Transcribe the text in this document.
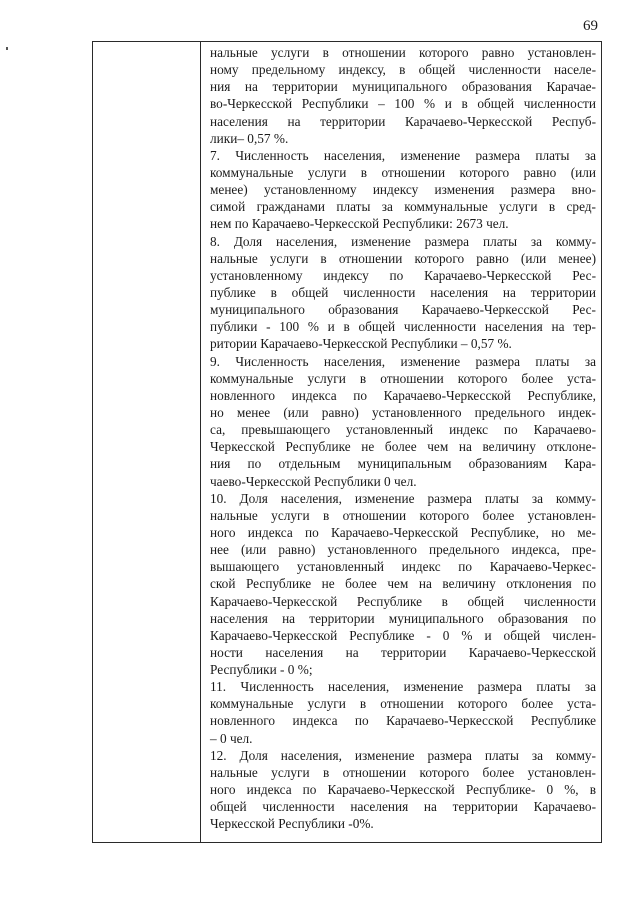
69
нальные услуги в отношении которого равно установлен-
ному предельному индексу, в общей численности населе-
ния на территории муниципального образования Карачае-
во-Черкесской Республики – 100 % и в общей численности
населения на территории Карачаево-Черкесской Респуб-
лики– 0,57 %.
7. Численность населения, изменение размера платы за
коммунальные услуги в отношении которого равно (или
менее) установленному индексу изменения размера вно-
симой гражданами платы за коммунальные услуги в сред-
нем по Карачаево-Черкесской Республики: 2673 чел.
8. Доля населения, изменение размера платы за комму-
нальные услуги в отношении которого равно (или менее)
установленному индексу по Карачаево-Черкесской Рес-
публике в общей численности населения на территории
муниципального образования Карачаево-Черкесской Рес-
публики - 100 % и в общей численности населения на тер-
ритории Карачаево-Черкесской Республики – 0,57 %.
9. Численность населения, изменение размера платы за
коммунальные услуги в отношении которого более уста-
новленного индекса по Карачаево-Черкесской Республике,
но менее (или равно) установленного предельного индек-
са, превышающего установленный индекс по Карачаево-
Черкесской Республике не более чем на величину отклоне-
ния по отдельным муниципальным образованиям Кара-
чаево-Черкесской Республики 0 чел.
10. Доля населения, изменение размера платы за комму-
нальные услуги в отношении которого более установлен-
ного индекса по Карачаево-Черкесской Республике, но ме-
нее (или равно) установленного предельного индекса, пре-
вышающего установленный индекс по Карачаево-Черкес-
ской Республике не более чем на величину отклонения по
Карачаево-Черкесской Республике в общей численности
населения на территории муниципального образования по
Карачаево-Черкесской Республике - 0 % и общей числен-
ности населения на территории Карачаево-Черкесской
Республики - 0 %;
11. Численность населения, изменение размера платы за
коммунальные услуги в отношении которого более уста-
новленного индекса по Карачаево-Черкесской Республике
– 0 чел.
12. Доля населения, изменение размера платы за комму-
нальные услуги в отношении которого более установлен-
ного индекса по Карачаево-Черкесской Республике- 0 %, в
общей численности населения на территории Карачаево-
Черкесской Республики -0%.
